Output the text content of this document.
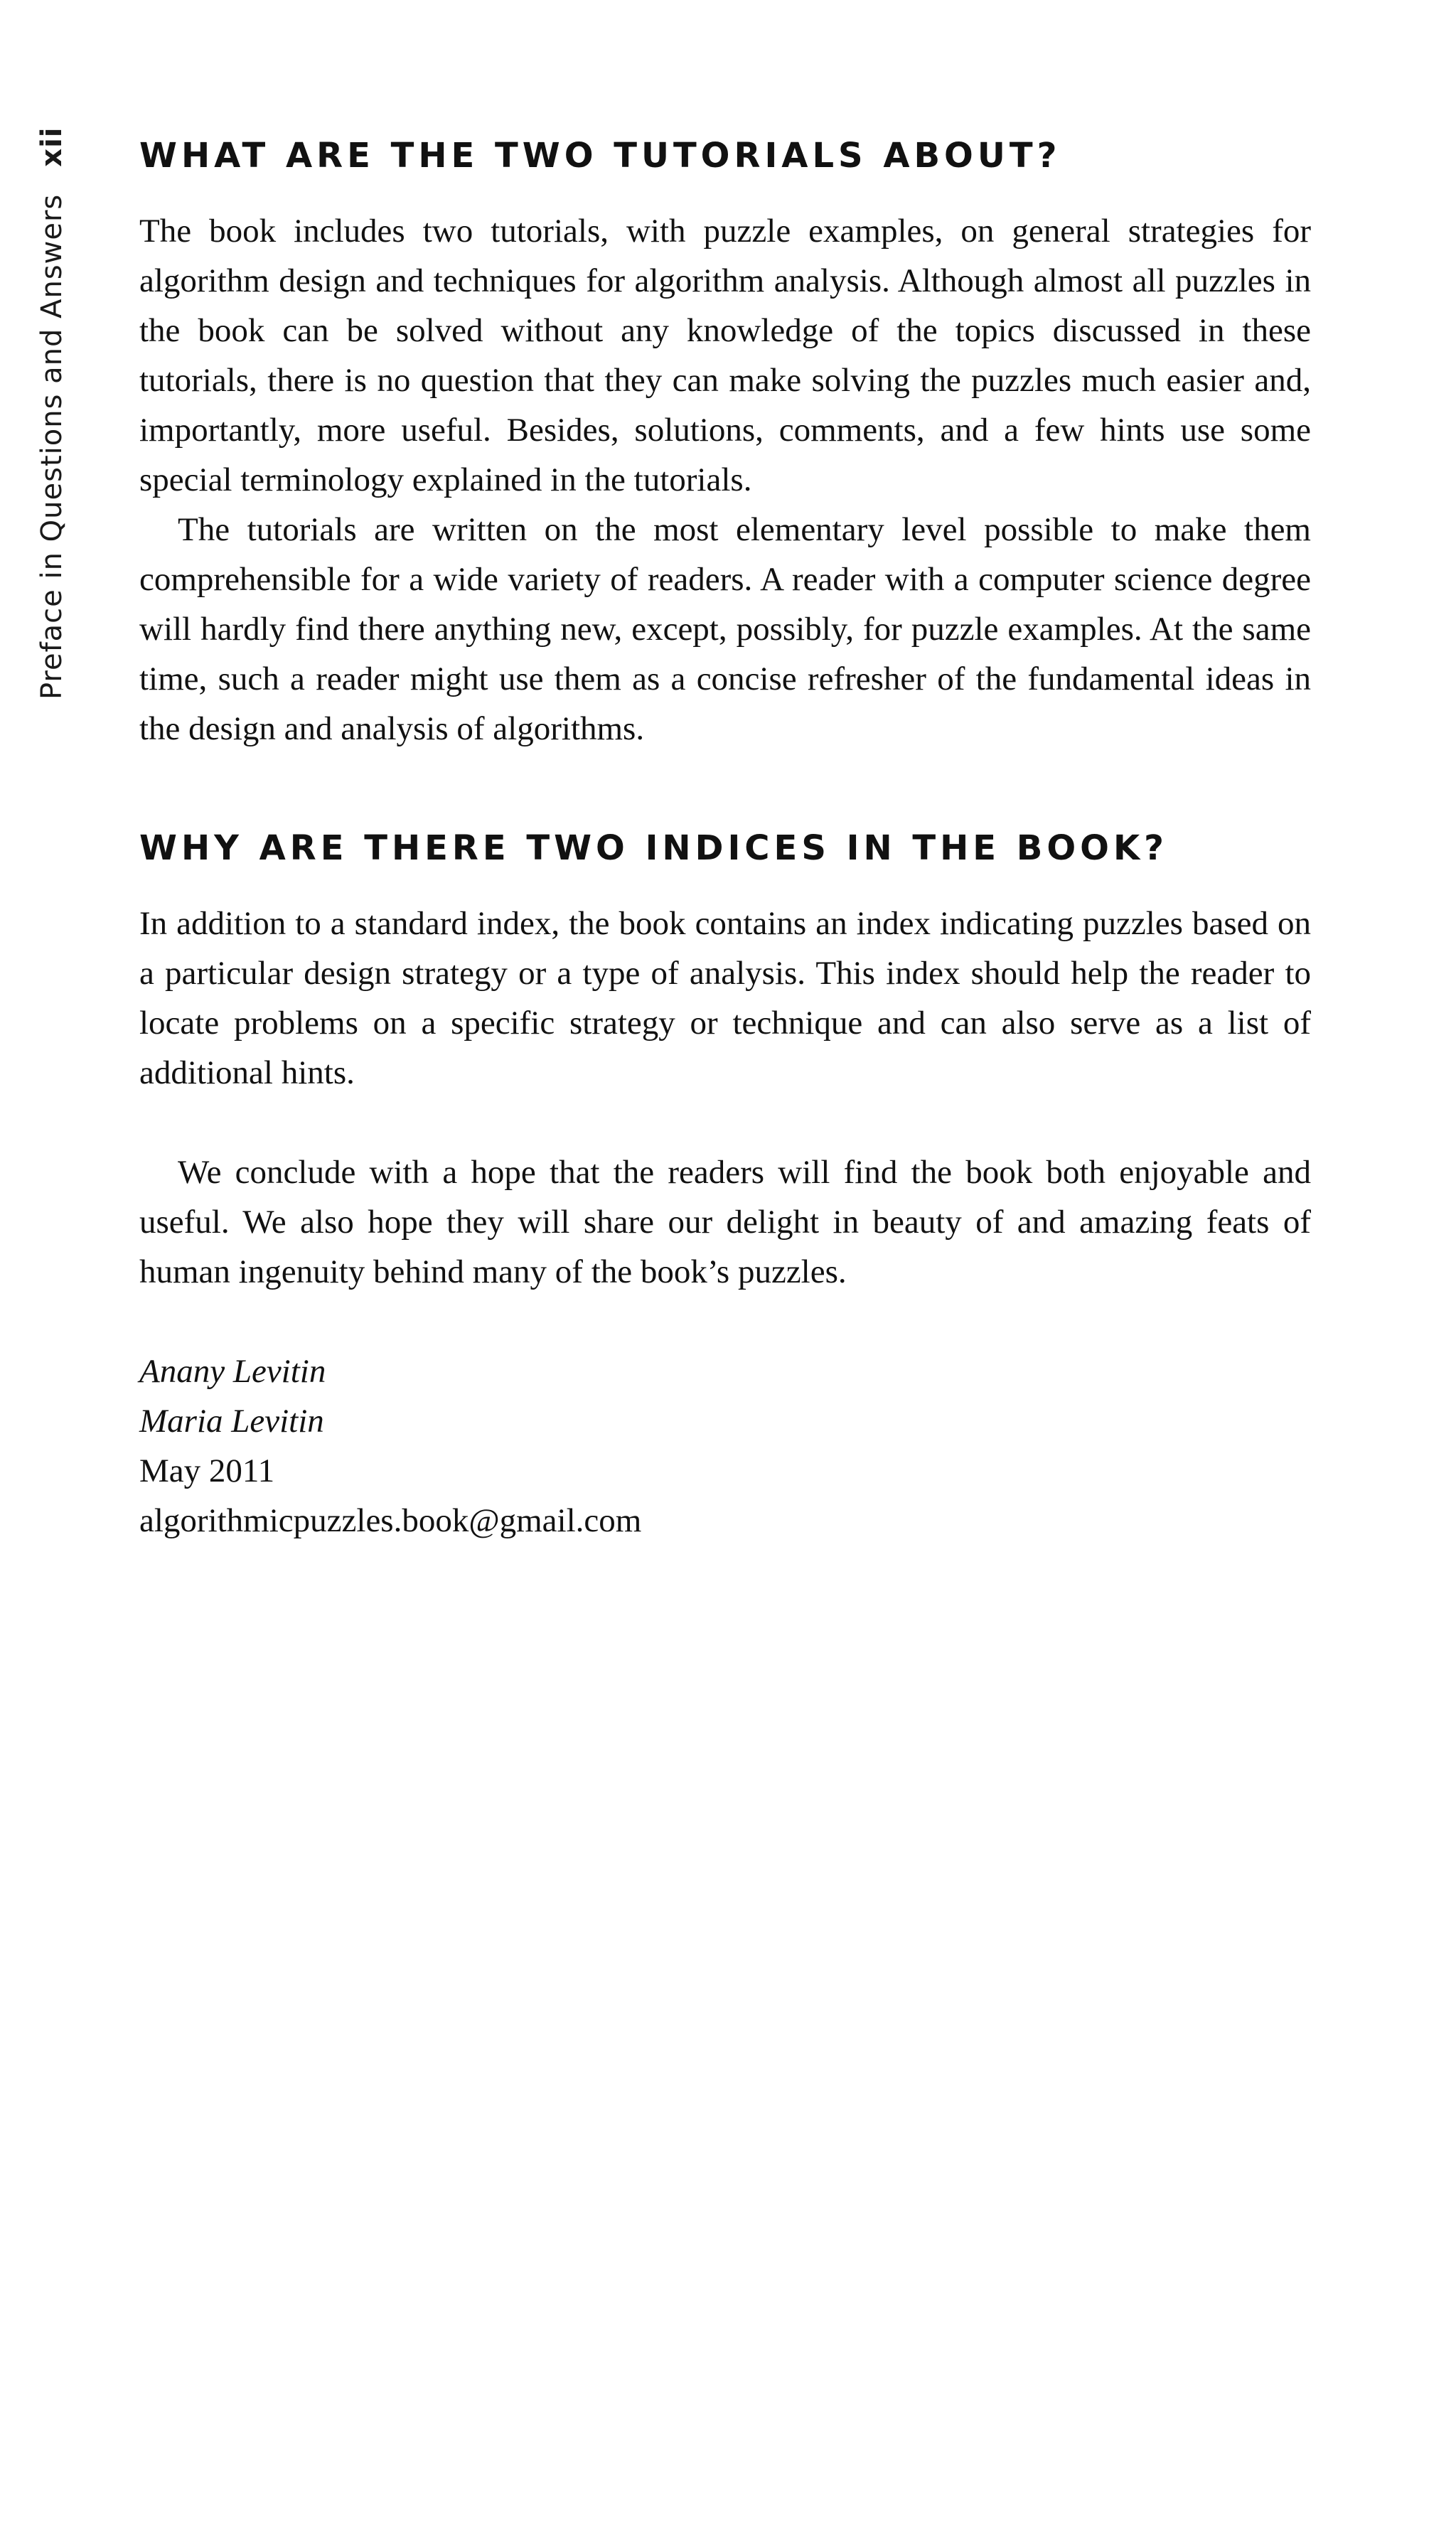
Preface in Questions and Answersxii WHAT ARE THE TWO TUTORIALS ABOUT?

The book includes two tutorials, with puzzle examples, on general strategies for algorithm design and techniques for algorithm analysis. Although almost all puzzles in the book can be solved without any knowledge of the topics discussed in these tutorials, there is no question that they can make solving the puzzles much easier and, importantly, more useful. Besides, solutions, comments, and a few hints use some special terminology explained in the tutorials.

The tutorials are written on the most elementary level possible to make them comprehensible for a wide variety of readers. A reader with a computer science degree will hardly find there anything new, except, possibly, for puzzle examples. At the same time, such a reader might use them as a concise refresher of the fundamental ideas in the design and analysis of algorithms.

WHY ARE THERE TWO INDICES IN THE BOOK?

In addition to a standard index, the book contains an index indicating puzzles based on a particular design strategy or a type of analysis. This index should help the reader to locate problems on a specific strategy or technique and can also serve as a list of additional hints.

We conclude with a hope that the readers will find the book both enjoyable and useful. We also hope they will share our delight in beauty of and amazing feats of human ingenuity behind many of the book’s puzzles.

Anany Levitin
Maria Levitin
May 2011
algorithmicpuzzles.book@gmail.com
